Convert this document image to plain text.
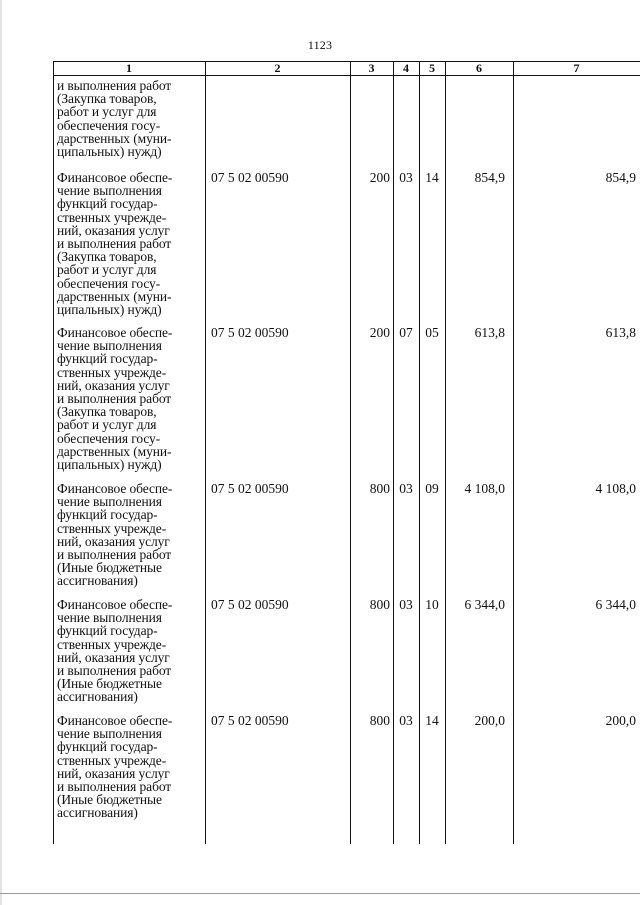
1123
1	2	3	4	5	6	7
и выполнения работ
(Закупка товаров,
работ и услуг для
обеспечения госу-
дарственных (муни-
ципальных) нужд)
Финансовое обеспе-
чение выполнения
функций государ-
ственных учрежде-
ний, оказания услуг
и выполнения работ
(Закупка товаров,
работ и услуг для
обеспечения госу-
дарственных (муни-
ципальных) нужд)
07 5 02 00590	200 03 14	854,9	854,9
Финансовое обеспе-
чение выполнения
функций государ-
ственных учрежде-
ний, оказания услуг
и выполнения работ
(Закупка товаров,
работ и услуг для
обеспечения госу-
дарственных (муни-
ципальных) нужд)
07 5 02 00590	200 07 05	613,8	613,8
Финансовое обеспе-
чение выполнения
функций государ-
ственных учрежде-
ний, оказания услуг
и выполнения работ
(Иные бюджетные
ассигнования)
07 5 02 00590	800 03 09	4 108,0	4 108,0
Финансовое обеспе-
чение выполнения
функций государ-
ственных учрежде-
ний, оказания услуг
и выполнения работ
(Иные бюджетные
ассигнования)
07 5 02 00590	800 03 10	6 344,0	6 344,0
Финансовое обеспе-
чение выполнения
функций государ-
ственных учрежде-
ний, оказания услуг
и выполнения работ
(Иные бюджетные
ассигнования)
07 5 02 00590	800 03 14	200,0	200,0
